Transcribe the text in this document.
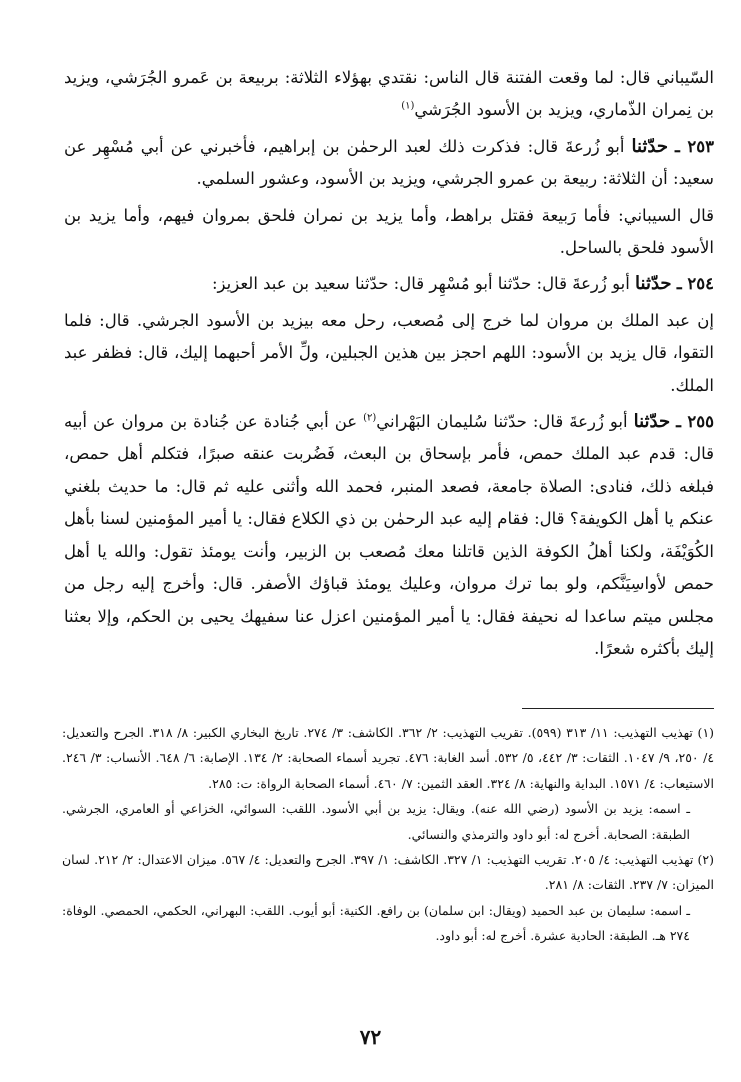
السّيباني قال: لما وقعت الفتنة قال الناس: نقتدي بهؤلاء الثلاثة: بربيعة بن عَمرو الجُرَشي، ويزيد بن نِمران الذّماري، ويزيد بن الأسود الجُرَشي$^{(١)}$

٢٥٣ ـ حدّثنا أبو زُرعةَ قال: فذكرت ذلك لعبد الرحمٰن بن إبراهيم، فأخبرني عن أبي مُسْهِر عن سعيد: أن الثلاثة: ربيعة بن عمرو الجرشي، ويزيد بن الأسود، وعشور السلمي.

قال السيباني: فأما رَبيعة فقتل براهط، وأما يزيد بن نمران فلحق بمروان فيهم، وأما يزيد بن الأسود فلحق بالساحل.

٢٥٤ ـ حدّثنا أبو زُرعةَ قال: حدّثنا أبو مُسْهِر قال: حدّثنا سعيد بن عبد العزيز:

إن عبد الملك بن مروان لما خرج إلى مُصعب، رحل معه بيزيد بن الأسود الجرشي. قال: فلما التقوا، قال يزيد بن الأسود: اللهم احجز بين هذين الجبلين، ولِّ الأمر أحبهما إليك، قال: فظفر عبد الملك.

٢٥٥ ـ حدّثنا أبو زُرعةَ قال: حدّثنا سُليمان البَهْراني$^{(٢)}$ عن أبي جُنادة عن جُنادة بن مروان عن أبيه قال: قدم عبد الملك حمص، فأمر بإسحاق بن البعث، فَضُربت عنقه صبرًا، فتكلم أهل حمص، فبلغه ذلك، فنادى: الصلاة جامعة، فصعد المنبر، فحمد الله وأثنى عليه ثم قال: ما حديث بلغني عنكم يا أهل الكويفة؟ قال: فقام إليه عبد الرحمٰن بن ذي الكلاع فقال: يا أمير المؤمنين لسنا بأهل الكُوَيْفَة، ولكنا أهلُ الكوفة الذين قاتلنا معك مُصعب بن الزبير، وأنت يومئذ تقول: والله يا أهل حمص لأواسِيَنَّكم، ولو بما ترك مروان، وعليك يومئذ قباؤك الأصفر. قال: وأخرج إليه رجل من مجلس ميتم ساعدا له نحيفة فقال: يا أمير المؤمنين اعزل عنا سفيهك يحيى بن الحكم، وإلا بعثنا إليك بأكثره شعرًا.

(١) تهذيب التهذيب: ١١/ ٣١٣ (٥٩٩). تقريب التهذيب: ٢/ ٣٦٢. الكاشف: ٣/ ٢٧٤. تاريخ البخاري الكبير: ٨/ ٣١٨. الجرح والتعديل: ٤/ ٢٥٠، ٩/ ١٠٤٧. الثقات: ٣/ ٤٤٢، ٥/ ٥٣٢. أسد الغابة: ٤٧٦. تجريد أسماء الصحابة: ٢/ ١٣٤. الإصابة: ٦/ ٦٤٨. الأنساب: ٣/ ٢٤٦. الاستيعاب: ٤/ ١٥٧١. البداية والنهاية: ٨/ ٣٢٤. العقد الثمين: ٧/ ٤٦٠. أسماء الصحابة الرواة: ت: ٢٨٥.

ـ اسمه: يزيد بن الأسود (رضي الله عنه). ويقال: يزيد بن أبي الأسود. اللقب: السوائي، الخزاعي أو العامري، الجرشي. الطبقة: الصحابة. أخرج له: أبو داود والترمذي والنسائي.

(٢) تهذيب التهذيب: ٤/ ٢٠٥. تقريب التهذيب: ١/ ٣٢٧. الكاشف: ١/ ٣٩٧. الجرح والتعديل: ٤/ ٥٦٧. ميزان الاعتدال: ٢/ ٢١٢. لسان الميزان: ٧/ ٢٣٧. الثقات: ٨/ ٢٨١.

ـ اسمه: سليمان بن عبد الحميد (ويقال: ابن سلمان) بن رافع. الكنية: أبو أيوب. اللقب: البهراني، الحكمي، الحمصي. الوفاة: ٢٧٤ هـ. الطبقة: الحادية عشرة. أخرج له: أبو داود.

٧٢
